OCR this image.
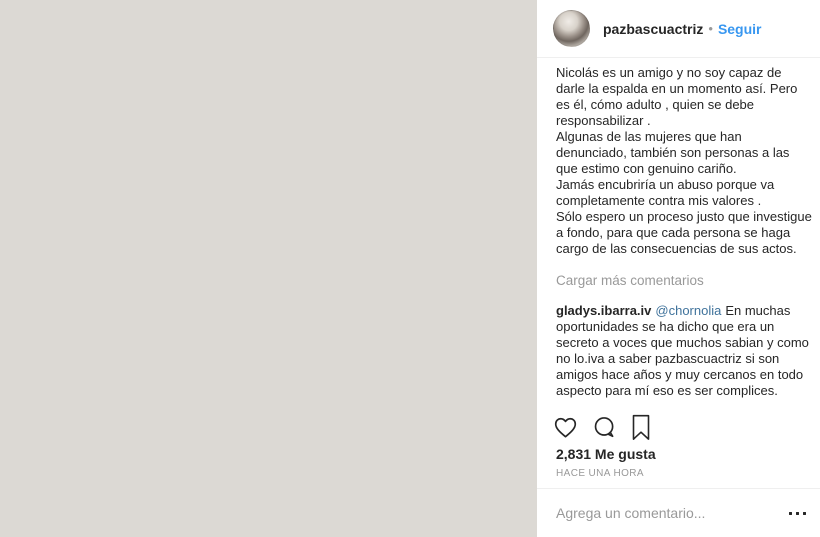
pazbascuactriz • Seguir
Nicolás es un amigo y no soy capaz de darle la espalda en un momento así. Pero es él, cómo adulto , quien se debe responsabilizar .
Algunas de las mujeres que han denunciado, también son personas a las que estimo con genuino cariño.
Jamás encubriría un abuso porque va completamente contra mis valores .
Sólo espero un proceso justo que investigue a fondo, para que cada persona se haga cargo de las consecuencias de sus actos.
Cargar más comentarios
gladys.ibarra.iv @chornolia En muchas oportunidades se ha dicho que era un secreto a voces que muchos sabian y como no lo.iva a saber pazbascuactriz si son amigos hace años y muy cercanos en todo aspecto para mí eso es ser complices.
2,831 Me gusta
HACE UNA HORA
Agrega un comentario...
